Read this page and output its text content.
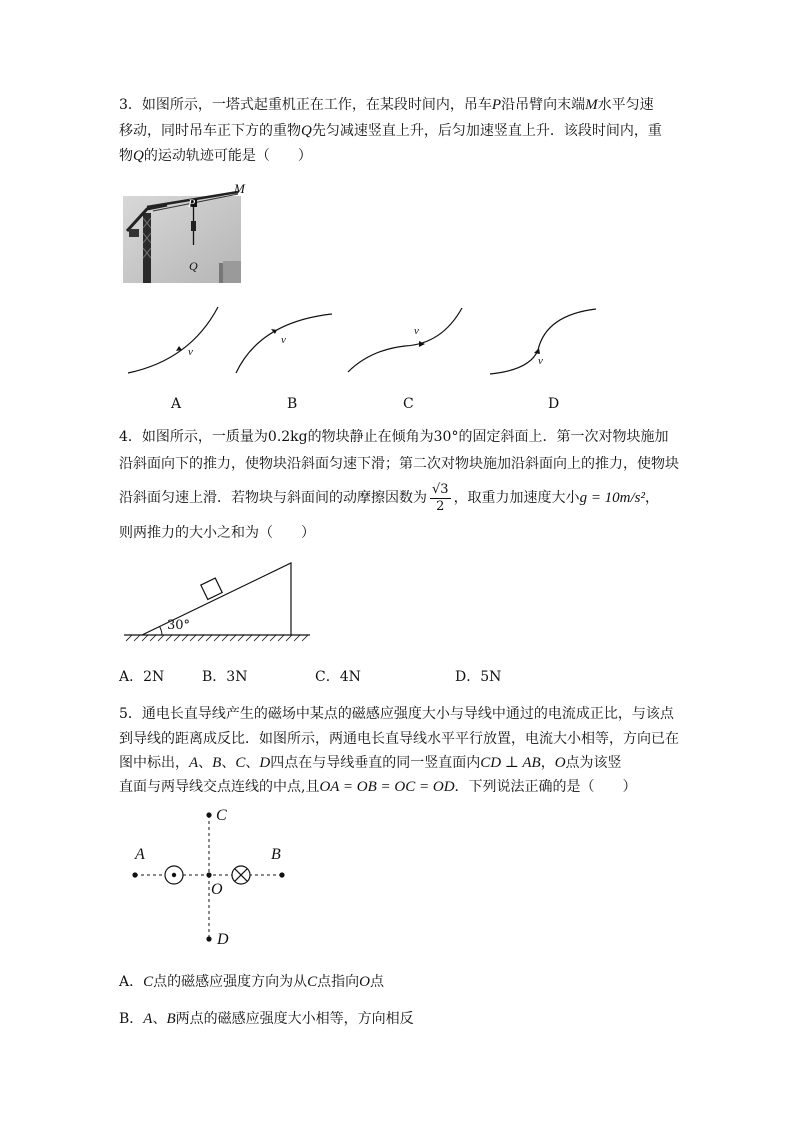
3．如图所示，一塔式起重机正在工作，在某段时间内，吊车P沿吊臂向末端M水平匀速
移动，同时吊车正下方的重物Q先匀减速竖直上升，后匀加速竖直上升．该段时间内，重
物Q的运动轨迹可能是（　　）
M
P
Q
v
v
v
v
A	B	C	D
4．如图所示，一质量为0.2kg的物块静止在倾角为30°的固定斜面上．第一次对物块施加
沿斜面向下的推力，使物块沿斜面匀速下滑；第二次对物块施加沿斜面向上的推力，使物块
沿斜面匀速上滑．若物块与斜面间的动摩擦因数为 $\frac{√3}{2}$ ，取重力加速度大小g = 10m/s²，
则两推力的大小之和为（　　）
30°
A．2N	B．3N	C．4N	D．5N
5．通电长直导线产生的磁场中某点的磁感应强度大小与导线中通过的电流成正比，与该点
到导线的距离成反比．如图所示，两通电长直导线水平平行放置，电流大小相等，方向已在
图中标出，A、B、C、D四点在与导线垂直的同一竖直面内CD ⊥ AB，O点为该竖
直面与两导线交点连线的中点,且OA = OB = OC = OD．下列说法正确的是（　　）
A	B
C
D
O
A．C点的磁感应强度方向为从C点指向O点
B．A、B两点的磁感应强度大小相等，方向相反
